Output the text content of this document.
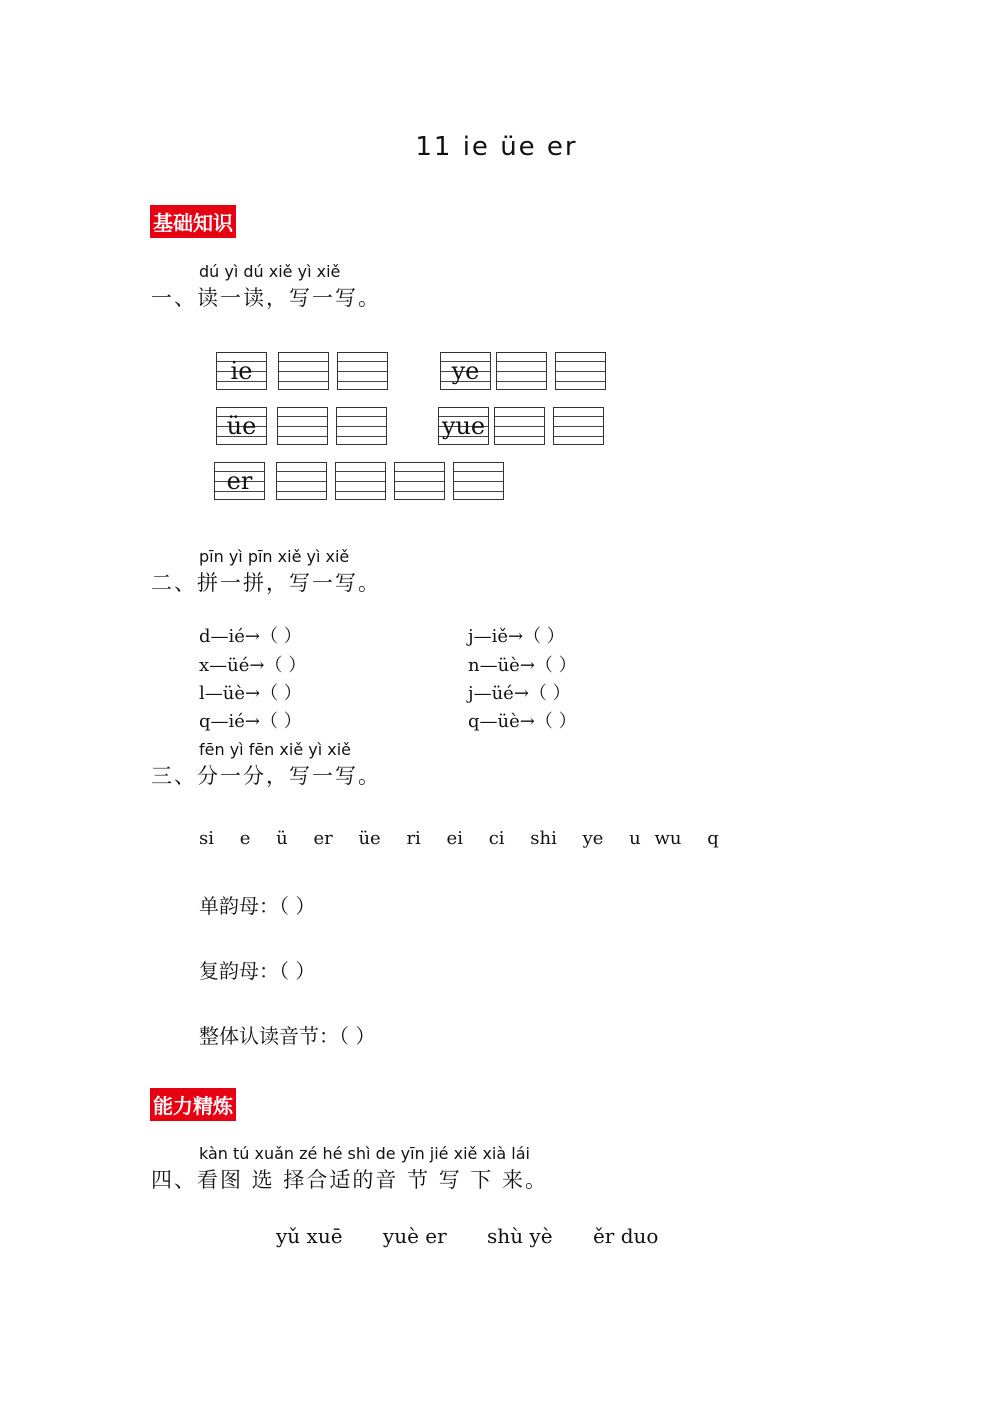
11 ie üe er
基础知识
dú yì dú xiě yì xiě
一、读一读，写一写。
ie	ye
üe	yue
er
pīn yì pīn xiě yì xiě
二、拼一拼，写一写。
d—ié→（ ）
x—üé→（ ）
l—üè→（ ）
q—ié→（ ）
j—iě→（ ）
n—üè→（ ）
j—üé→（ ）
q—üè→（ ）
fēn yì fēn xiě yì xiě
三、分一分，写一写。
si e ü er üe ri ei ci shi ye u wu q
单韵母：（ ）
复韵母：（ ）
整体认读音节：（ ）
能力精炼
kàn tú xuǎn zé hé shì de yīn jié xiě xià lái
四、看图 选 择合适的音 节 写 下 来。
yǔ xuē yuè er shù yè ěr duo
